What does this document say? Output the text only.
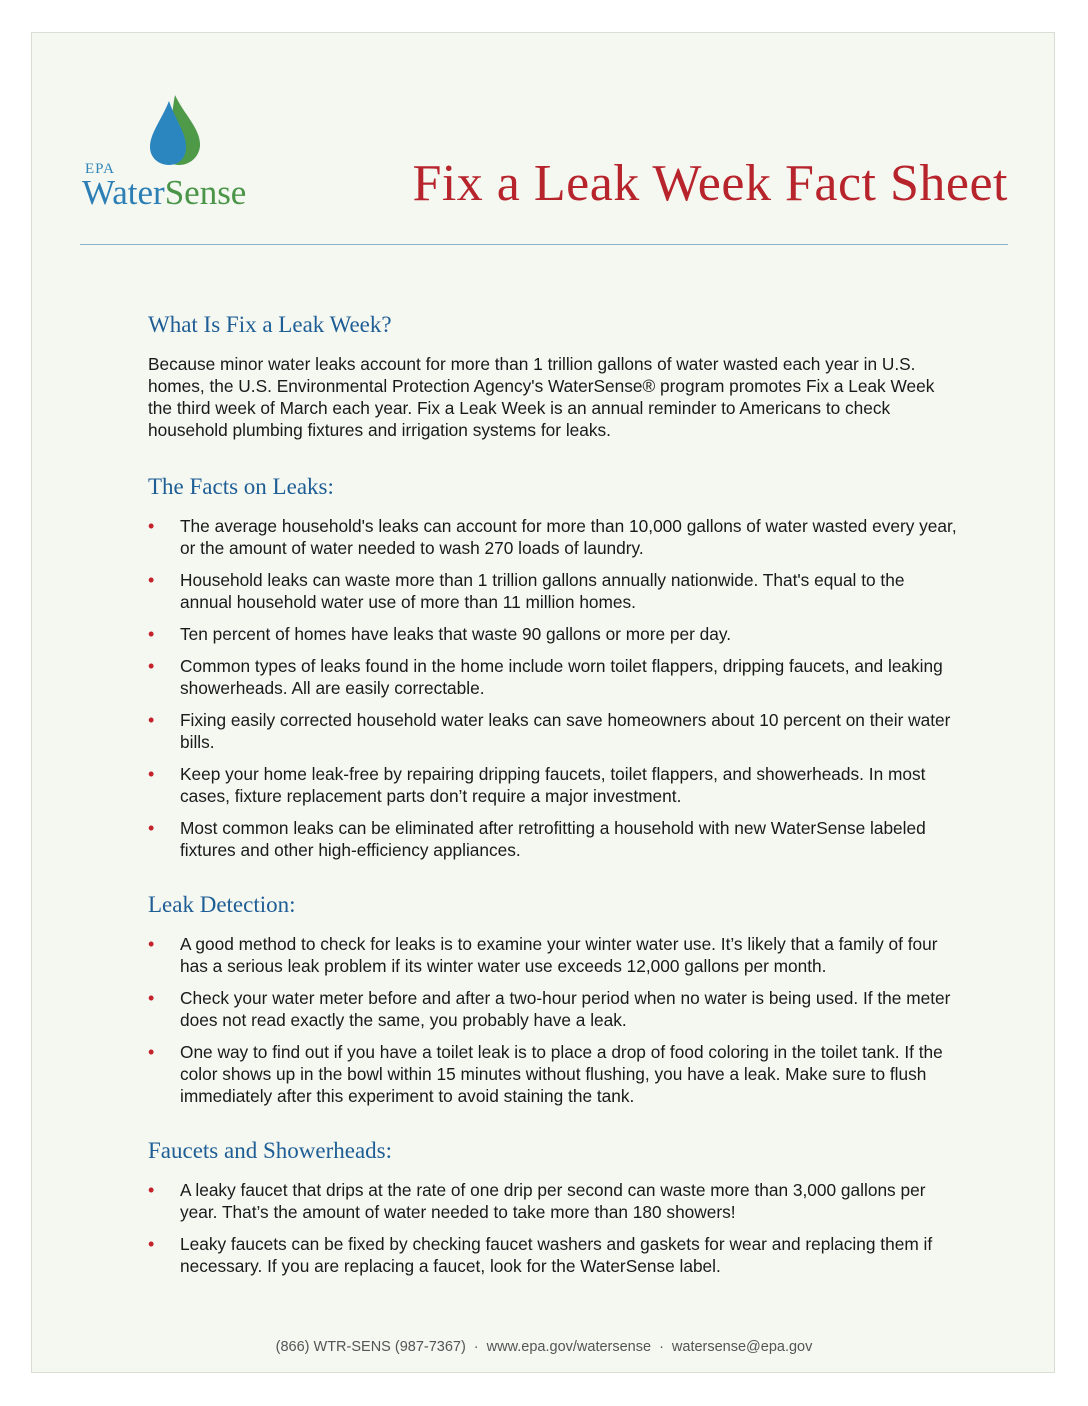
EPA
WaterSense	Fix a Leak Week Fact Sheet
What Is Fix a Leak Week?

Because minor water leaks account for more than 1 trillion gallons of water wasted each year in U.S. homes, the U.S. Environmental Protection Agency's WaterSense® program promotes Fix a Leak Week the third week of March each year. Fix a Leak Week is an annual reminder to Americans to check household plumbing fixtures and irrigation systems for leaks.

The Facts on Leaks:
• The average household's leaks can account for more than 10,000 gallons of water wasted every year, or the amount of water needed to wash 270 loads of laundry.
• Household leaks can waste more than 1 trillion gallons annually nationwide. That's equal to the annual household water use of more than 11 million homes.
• Ten percent of homes have leaks that waste 90 gallons or more per day.
• Common types of leaks found in the home include worn toilet flappers, dripping faucets, and leaking showerheads. All are easily correctable.
• Fixing easily corrected household water leaks can save homeowners about 10 percent on their water bills.
• Keep your home leak-free by repairing dripping faucets, toilet flappers, and showerheads. In most cases, fixture replacement parts don’t require a major investment.
• Most common leaks can be eliminated after retrofitting a household with new WaterSense labeled fixtures and other high-efficiency appliances.
Leak Detection:
• A good method to check for leaks is to examine your winter water use. It’s likely that a family of four has a serious leak problem if its winter water use exceeds 12,000 gallons per month.
• Check your water meter before and after a two-hour period when no water is being used. If the meter does not read exactly the same, you probably have a leak.
• One way to find out if you have a toilet leak is to place a drop of food coloring in the toilet tank. If the color shows up in the bowl within 15 minutes without flushing, you have a leak. Make sure to flush immediately after this experiment to avoid staining the tank.
Faucets and Showerheads:
• A leaky faucet that drips at the rate of one drip per second can waste more than 3,000 gallons per year. That’s the amount of water needed to take more than 180 showers!
• Leaky faucets can be fixed by checking faucet washers and gaskets for wear and replacing them if necessary. If you are replacing a faucet, look for the WaterSense label.
(866) WTR-SENS (987-7367) · www.epa.gov/watersense · watersense@epa.gov
